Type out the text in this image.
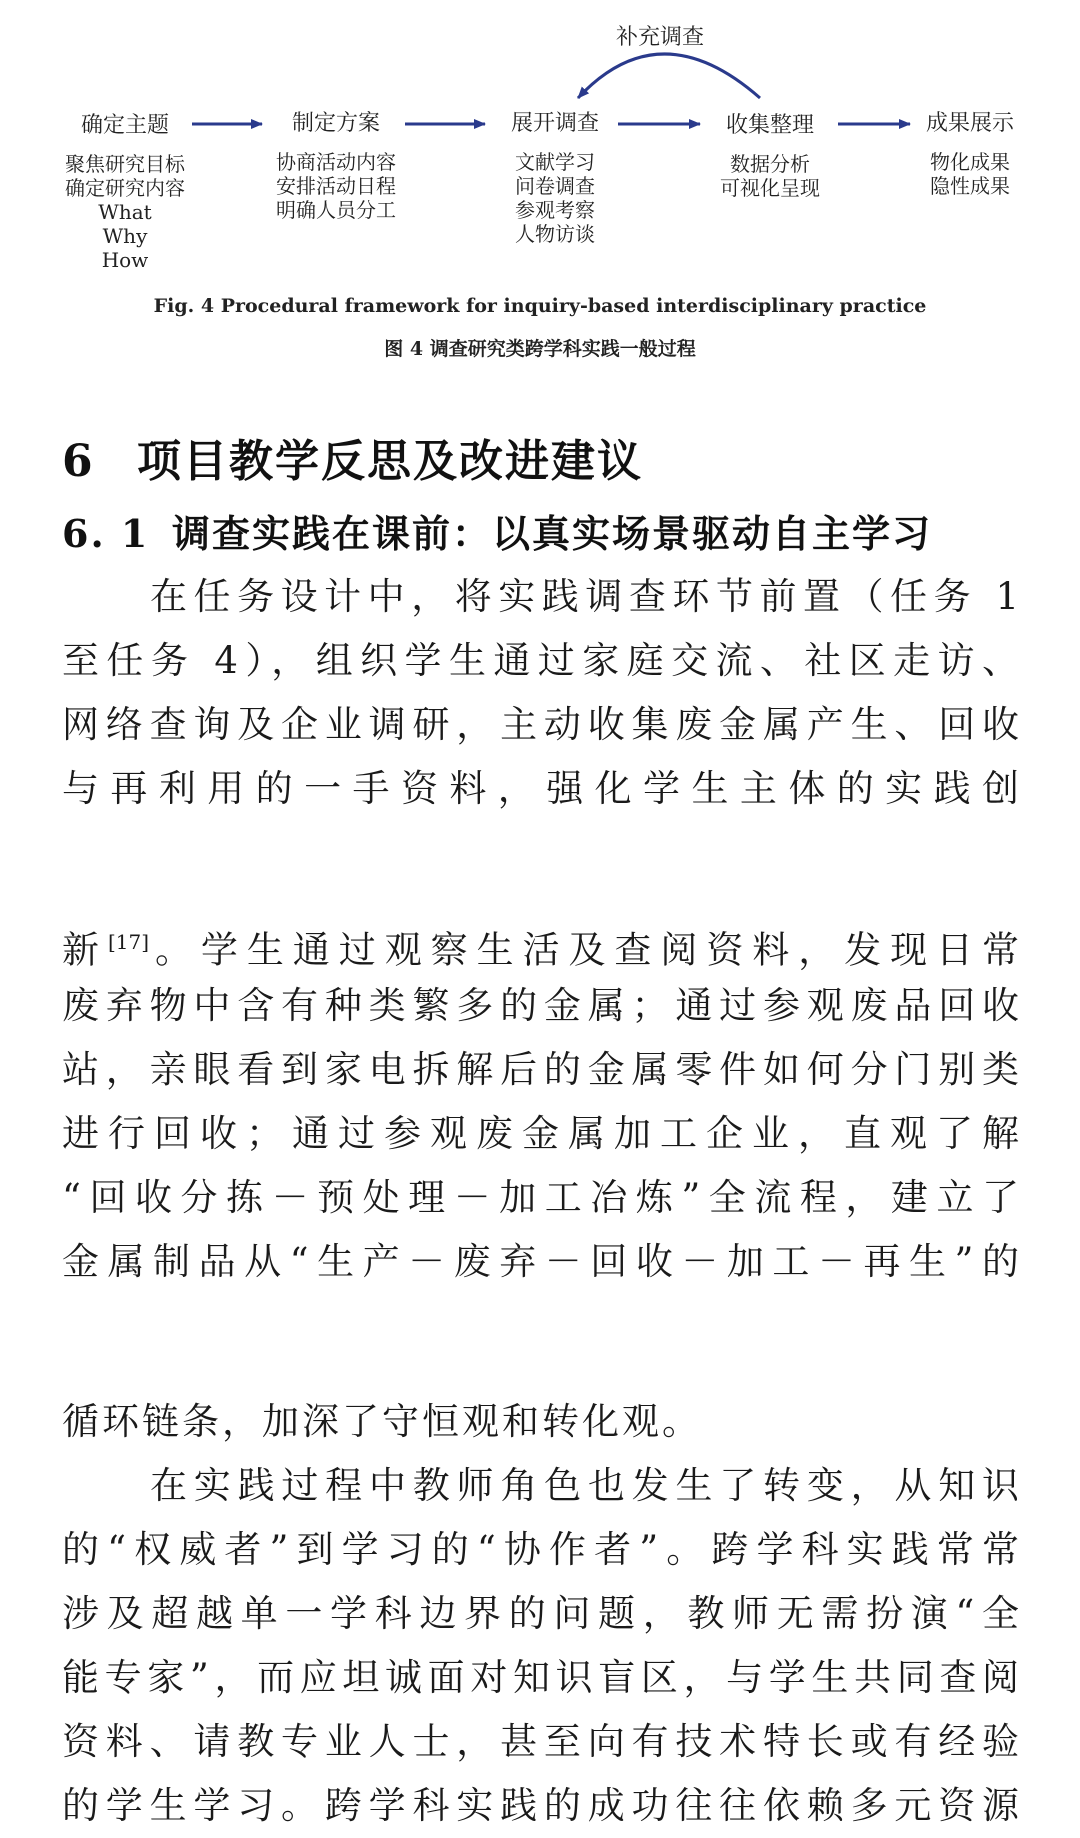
补充调查
确定主题
聚焦研究目标
确定研究内容
What
Why
How
制定方案
协商活动内容
安排活动日程
明确人员分工
展开调查
文献学习
问卷调查
参观考察
人物访谈
收集整理
数据分析
可视化呈现
成果展示
物化成果
隐性成果
Fig. 4 Procedural framework for inquiry-based interdisciplinary practice
图 4 调查研究类跨学科实践一般过程
6 项目教学反思及改进建议
6. 1 调查实践在课前：以真实场景驱动自主学习
在任务设计中，将实践调查环节前置（任务 1
至任务 4），组织学生通过家庭交流、社区走访、
网络查询及企业调研，主动收集废金属产生、回收
与再利用的一手资料，强化学生主体的实践创
新[17]。学生通过观察生活及查阅资料，发现日常
废弃物中含有种类繁多的金属；通过参观废品回收
站，亲眼看到家电拆解后的金属零件如何分门别类
进行回收；通过参观废金属加工企业，直观了解
“回收分拣－预处理－加工冶炼”全流程，建立了
金属制品从“生产－废弃－回收－加工－再生”的
循环链条，加深了守恒观和转化观。
在实践过程中教师角色也发生了转变，从知识
的“权威者”到学习的“协作者”。跨学科实践常常
涉及超越单一学科边界的问题，教师无需扮演“全
能专家”，而应坦诚面对知识盲区，与学生共同查阅
资料、请教专业人士，甚至向有技术特长或有经验
的学生学习。跨学科实践的成功往往依赖多元资源
